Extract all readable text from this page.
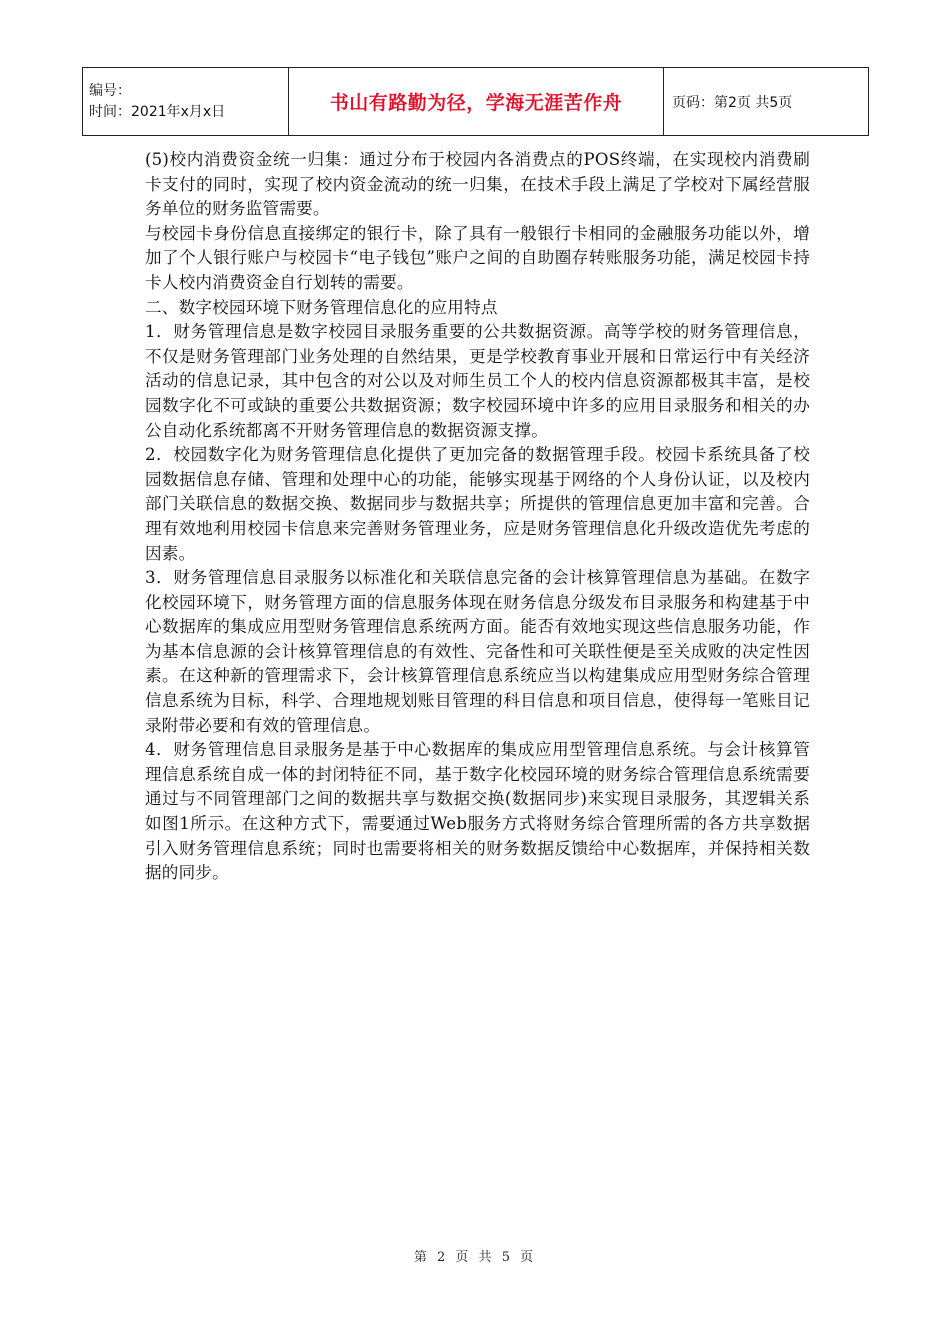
编号：
时间：2021年x月x日	书山有路勤为径，学海无涯苦作舟	页码：第2页 共5页

(5)校内消费资金统一归集：通过分布于校园内各消费点的POS终端，在实现校内消费刷卡支付的同时，实现了校内资金流动的统一归集，在技术手段上满足了学校对下属经营服务单位的财务监管需要。

与校园卡身份信息直接绑定的银行卡，除了具有一般银行卡相同的金融服务功能以外，增加了个人银行账户与校园卡“电子钱包”账户之间的自助圈存转账服务功能，满足校园卡持卡人校内消费资金自行划转的需要。

二、数字校园环境下财务管理信息化的应用特点

1．财务管理信息是数字校园目录服务重要的公共数据资源。高等学校的财务管理信息，不仅是财务管理部门业务处理的自然结果，更是学校教育事业开展和日常运行中有关经济活动的信息记录，其中包含的对公以及对师生员工个人的校内信息资源都极其丰富，是校园数字化不可或缺的重要公共数据资源；数字校园环境中许多的应用目录服务和相关的办公自动化系统都离不开财务管理信息的数据资源支撑。

2．校园数字化为财务管理信息化提供了更加完备的数据管理手段。校园卡系统具备了校园数据信息存储、管理和处理中心的功能，能够实现基于网络的个人身份认证，以及校内部门关联信息的数据交换、数据同步与数据共享；所提供的管理信息更加丰富和完善。合理有效地利用校园卡信息来完善财务管理业务，应是财务管理信息化升级改造优先考虑的因素。

3．财务管理信息目录服务以标准化和关联信息完备的会计核算管理信息为基础。在数字化校园环境下，财务管理方面的信息服务体现在财务信息分级发布目录服务和构建基于中心数据库的集成应用型财务管理信息系统两方面。能否有效地实现这些信息服务功能，作为基本信息源的会计核算管理信息的有效性、完备性和可关联性便是至关成败的决定性因素。在这种新的管理需求下，会计核算管理信息系统应当以构建集成应用型财务综合管理信息系统为目标，科学、合理地规划账目管理的科目信息和项目信息，使得每一笔账目记录附带必要和有效的管理信息。

4．财务管理信息目录服务是基于中心数据库的集成应用型管理信息系统。与会计核算管理信息系统自成一体的封闭特征不同，基于数字化校园环境的财务综合管理信息系统需要通过与不同管理部门之间的数据共享与数据交换(数据同步)来实现目录服务，其逻辑关系如图1所示。在这种方式下，需要通过Web服务方式将财务综合管理所需的各方共享数据引入财务管理信息系统；同时也需要将相关的财务数据反馈给中心数据库，并保持相关数据的同步。

第 2 页 共 5 页
